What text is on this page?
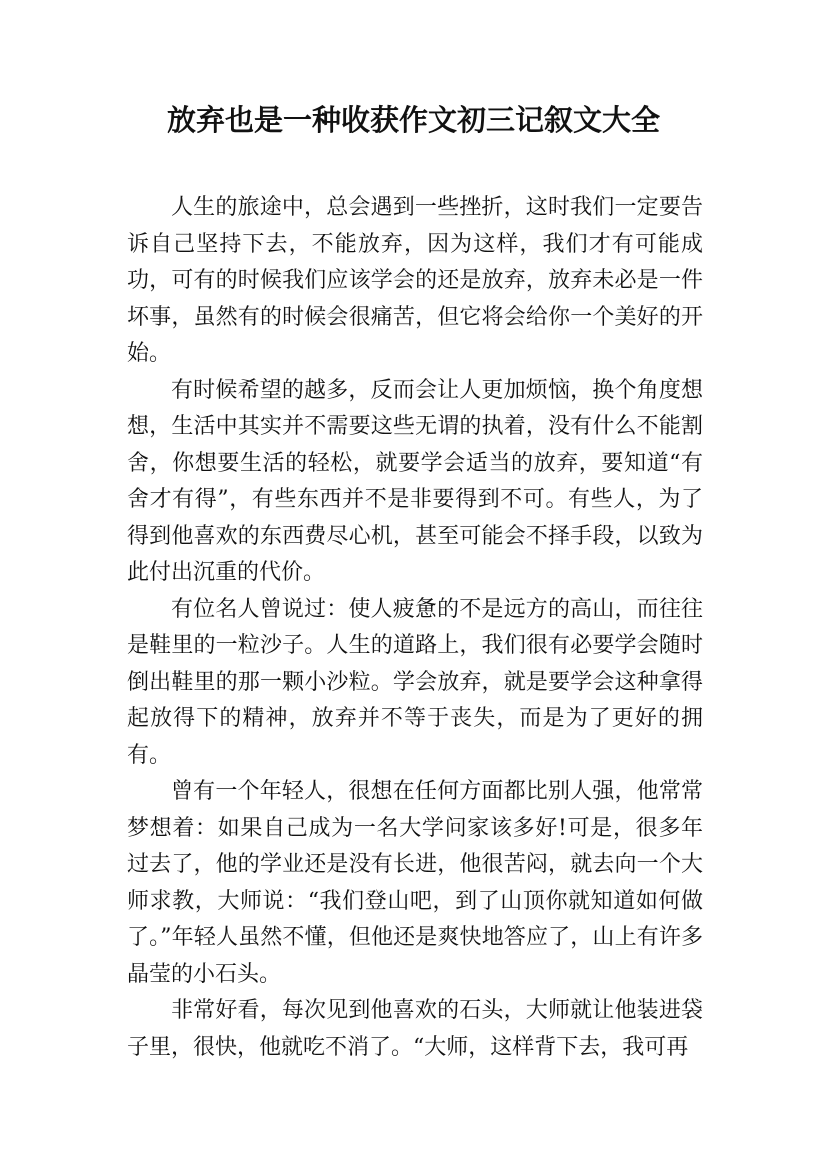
放弃也是一种收获作文初三记叙文大全

人生的旅途中，总会遇到一些挫折，这时我们一定要告诉自己坚持下去，不能放弃，因为这样，我们才有可能成功，可有的时候我们应该学会的还是放弃，放弃未必是一件坏事，虽然有的时候会很痛苦，但它将会给你一个美好的开始。

有时候希望的越多，反而会让人更加烦恼，换个角度想想，生活中其实并不需要这些无谓的执着，没有什么不能割舍，你想要生活的轻松，就要学会适当的放弃，要知道“有舍才有得”，有些东西并不是非要得到不可。有些人，为了得到他喜欢的东西费尽心机，甚至可能会不择手段，以致为此付出沉重的代价。

有位名人曾说过：使人疲惫的不是远方的高山，而往往是鞋里的一粒沙子。人生的道路上，我们很有必要学会随时倒出鞋里的那一颗小沙粒。学会放弃，就是要学会这种拿得起放得下的精神，放弃并不等于丧失，而是为了更好的拥有。

曾有一个年轻人，很想在任何方面都比别人强，他常常梦想着：如果自己成为一名大学问家该多好!可是，很多年过去了，他的学业还是没有长进，他很苦闷，就去向一个大师求教，大师说：“我们登山吧，到了山顶你就知道如何做了。”年轻人虽然不懂，但他还是爽快地答应了，山上有许多晶莹的小石头。

非常好看，每次见到他喜欢的石头，大师就让他装进袋子里，很快，他就吃不消了。“大师，这样背下去，我可再
